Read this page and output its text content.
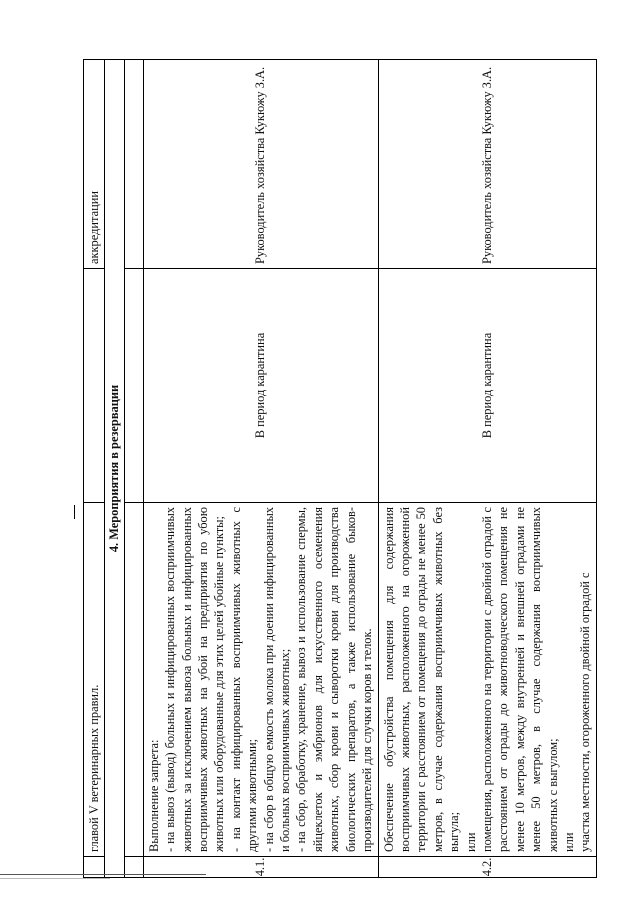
	главой V ветеринарных правил.		аккредитации
4. Мероприятия в резервации			

4.1.	Выполнение запрета: - на вывоз (вывод) больных и инфицированных восприимчивых животных за исключением вывоза больных и инфицированных восприимчивых животных на убой на предприятия по убою животных или оборудованные для этих целей убойные пункты; - на контакт инфицированных восприимчивых животных с другими животными; - на сбор в общую емкость молока при доении инфицированных и больных восприимчивых животных; - на сбор, обработку, хранение, вывоз и использование спермы, яйцеклеток и эмбрионов для искусственного осеменения животных, сбор крови и сыворотки крови для производства биологических препаратов, а также использование быков-производителей для случки коров и телок.	В период карантина	Руководитель хозяйства Кукюжу З.А.
4.2.	Обеспечение обустройства помещения для содержания восприимчивых животных, расположенного на огороженной территории с расстоянием от помещения до ограды не менее 50 метров, в случае содержания восприимчивых животных без выгула; или помещения, расположенного на территории с двойной оградой с расстоянием от ограды до животноводческого помещения не менее 10 метров, между внутренней и внешней оградами не менее 50 метров, в случае содержания восприимчивых животных с выгулом; или участка местности, огороженного двойной оградой с	В период карантина	Руководитель хозяйства Кукюжу З.А.
